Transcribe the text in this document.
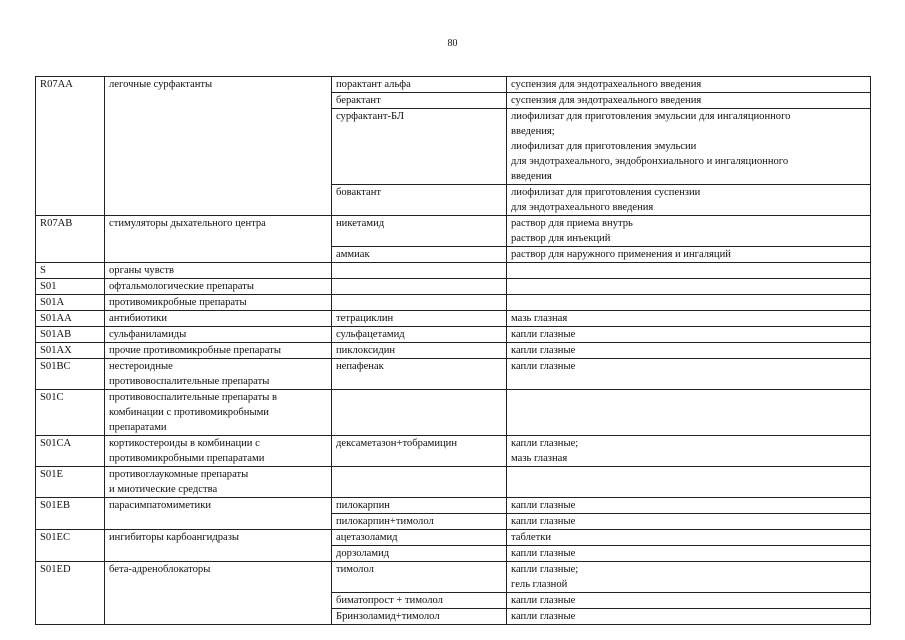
80
R07AA	легочные сурфактанты	порактант альфа	суспензия для эндотрахеального введения

		берактант	суспензия для эндотрахеального введения

		сурфактант-БЛ	лиофилизат для приготовления эмульсии для ингаляционного
введения;
лиофилизат для приготовления эмульсии
для эндотрахеального, эндобронхиального и ингаляционного
введения

		бовактант	лиофилизат для приготовления суспензии
для эндотрахеального введения

R07AB	стимуляторы дыхательного центра	никетамид	раствор для приема внутрь
раствор для инъекций

		аммиак	раствор для наружного применения и ингаляций

S	органы чувств		

S01	офтальмологические препараты		

S01A	противомикробные препараты		

S01AA	антибиотики	тетрациклин	мазь глазная

S01AB	сульфаниламиды	сульфацетамид	капли глазные

S01AX	прочие противомикробные препараты	пиклоксидин	капли глазные

S01BC	нестероидные
противовоспалительные препараты	непафенак	капли глазные

S01C	противовоспалительные препараты в
комбинации с противомикробными
препаратами		

S01CA	кортикостероиды в комбинации с
противомикробными препаратами	дексаметазон+тобрамицин	капли глазные;
мазь глазная

S01E	противоглаукомные препараты
и миотические средства		

S01EB	парасимпатомиметики	пилокарпин	капли глазные

		пилокарпин+тимолол	капли глазные

S01EC	ингибиторы карбоангидразы	ацетазоламид	таблетки

		дорзоламид	капли глазные

S01ED	бета-адреноблокаторы	тимолол	капли глазные;
гель глазной

		биматопрост + тимолол	капли глазные

		Бринзоламид+тимолол	капли глазные
